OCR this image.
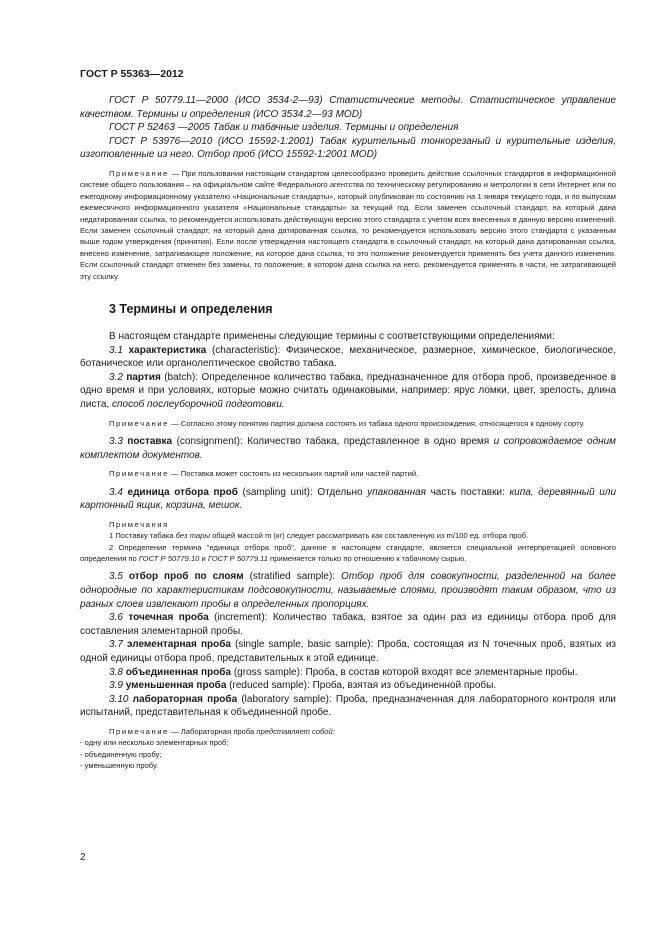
ГОСТ Р 55363—2012

ГОСТ Р 50779.11—2000 (ИСО 3534-2—93) Статистические методы. Статистическое управление качеством. Термины и определения (ИСО 3534.2—93 MOD)

ГОСТ Р 52463 —2005 Табак и табачные изделия. Термины и определения

ГОСТ Р 53976—2010 (ИСО 15592-1:2001) Табак курительный тонкорезаный и курительные изделия, изготовленные из него. Отбор проб (ИСО 15592-1:2001 MOD)

Примечание — При пользовании настоящим стандартом целесообразно проверить действие ссылочных стандартов в информационной системе общего пользования – на официальном сайте Федерального агентства по техническому регулированию и метрологии в сети Интернет или по ежегодному информационному указателю «Национальные стандарты», который опубликован по состоянию на 1 января текущего года, и по выпускам ежемесячного информационного указателя «Национальные стандарты» за текущий год. Если заменен ссылочный стандарт, на который дана недатированная ссылка, то рекомендуется использовать действующую версию этого стандарта с учетом всех внесенных в данную версию изменений. Если заменен ссылочный стандарт, на который дана датированная ссылка, то рекомендуется использовать версию этого стандарта с указанным выше годом утверждения (принятия). Если после утверждения настоящего стандарта в ссылочный стандарт, на который дана датированная ссылка, внесено изменение, затрагивающее положение, на которое дана ссылка, то это положение рекомендуется применять без учета данного изменения. Если ссылочный стандарт отменен без замены, то положение, в котором дана ссылка на него, рекомендуется применять в части, не затрагивающей эту ссылку.

3 Термины и определения

В настоящем стандарте применены следующие термины с соответствующими определениями:

3.1 характеристика (characteristic): Физическое, механическое, размерное, химическое, биологическое, ботаническое или органолептическое свойство табака.

3.2 партия (batch): Определенное количество табака, предназначенное для отбора проб, произведенное в одно время и при условиях, которые можно считать одинаковыми, например: ярус ломки, цвет, зрелость, длина листа, способ послеуборочной подготовки.

Примечание — Согласно этому понятию партия должна состоять из табака одного происхождения, относящегося к одному сорту.

3.3 поставка (consignment): Количество табака, представленное в одно время и сопровождаемое одним комплектом документов.

Примечание — Поставка может состоять из нескольких партий или частей партий.

3.4 единица отбора проб (sampling unit): Отдельно упакованная часть поставки: кипа, деревянный или картонный ящик, корзина, мешок.

Примечания

1 Поставку табака без тары общей массой m (кг) следует рассматривать как составленную из m/100 ед. отбора проб.

2 Определение термина "единица отбора проб", данное в настоящем стандарте, является специальной интерпретацией основного определения по ГОСТ Р 50779.10 и ГОСТ Р 50779.11 применяется только по отношению к табачному сырью.

3.5 отбор проб по слоям (stratified sample): Отбор проб для совокупности, разделенной на более однородные по характеристикам подсовокупности, называемые слоями, производят таким образом, что из разных слоев извлекают пробы в определенных пропорциях.

3.6 точечная проба (increment): Количество табака, взятое за один раз из единицы отбора проб для составления элементарной пробы.

3.7 элементарная проба (single sample, basic sample): Проба, состоящая из N точечных проб, взятых из одной единицы отбора проб, представительных к этой единице.

3.8 объединенная проба (gross sample): Проба, в состав которой входят все элементарные пробы.

3.9 уменьшенная проба (reduced sample): Проба, взятая из объединенной пробы.

3.10 лабораторная проба (laboratory sample): Проба, предназначенная для лабораторного контроля или испытаний, представительная к объединенной пробе.

Примечание — Лабораторная проба представляет собой:

- одну или несколько элементарных проб;
- объединенную пробу;
- уменьшенную пробу.
2
